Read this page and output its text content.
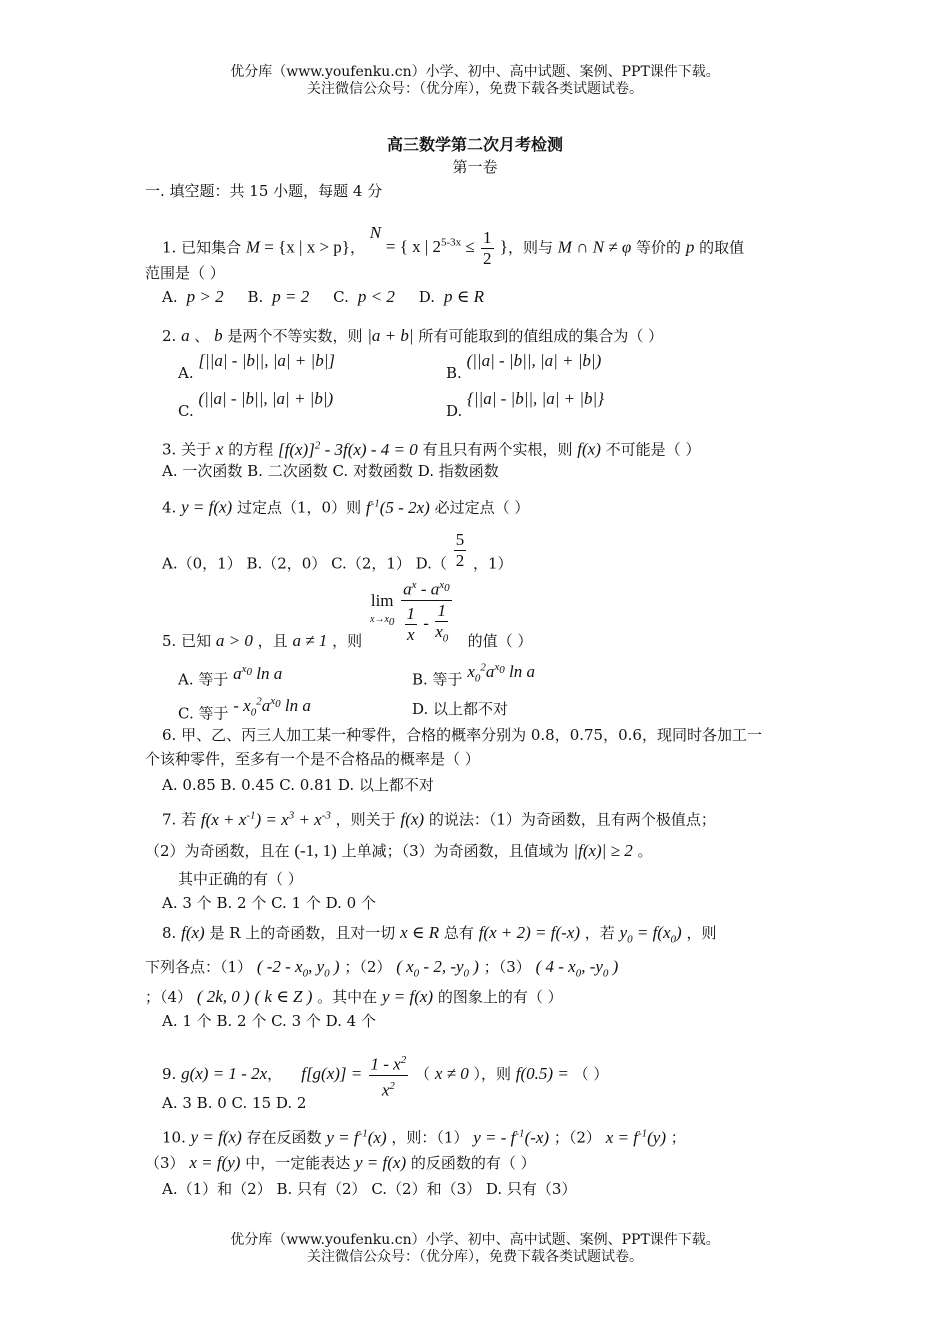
优分库（www.youfenku.cn）小学、初中、高中试题、案例、PPT课件下载。
关注微信公众号：（优分库），免费下载各类试题试卷。
高三数学第二次月考检测
第一卷
一. 填空题：共 15 小题，每题 4 分
1. 已知集合 M = {x | x > p}， N = { x | $2^{5-3x} \le \frac{1}{2}$ }，则与 M ∩ N ≠ φ 等价的 p 的取值
范围是（ ）
A.  p > 2 B.  p = 2 C.  p < 2 D.  p ∈ R
2. a 、 b 是两个不等实数，则 |a + b| 所有可能取到的值组成的集合为（ ）
A. [||a| - |b||, |a| + |b|]
B. (||a| - |b||, |a| + |b|)
C. (||a| - |b||, |a| + |b|)
D. {||a| - |b||, |a| + |b|}
3. 关于 x 的方程 $[f(x)]^2 - 3f(x) - 4 = 0$ 有且只有两个实根，则 f(x) 不可能是（ ）
A. 一次函数 B. 二次函数 C. 对数函数 D. 指数函数
4. y = f(x) 过定点（1，0）则 $f^{-1}(5 - 2x)$ 必过定点（ ）
A.（0，1） B.（2，0） C.（2，1） $D.( \frac{5}{2}$ ，1）
lim
$x\to x_0 \frac{a^x - a^{x_0}}{\frac{1}{x} - \frac{1}{x_0}}$
5. 已知 a > 0 ，且 a ≠ 1 ，则	的值（ ）
A. 等于 $a^{x_0}$ ln a	B. 等于 $x_0^2a^{x_0}$ ln a
C. 等于 - $x_0^2a^{x_0}$ ln a	D. 以上都不对
6. 甲、乙、丙三人加工某一种零件，合格的概率分别为 0.8，0.75，0.6，现同时各加工一
个该种零件，至多有一个是不合格品的概率是（ ）
A. 0.85 B. 0.45 C. 0.81 D. 以上都不对
7. 若 $f(x + x^{-1}) = x^3 + x^{-3}$ ，则关于 f(x) 的说法：（1）为奇函数，且有两个极值点；
（2）为奇函数，且在 (-1, 1) 上单减；（3）为奇函数，且值域为 |f(x)| ≥ 2 。
其中正确的有（ ）
A. 3 个 B. 2 个 C. 1 个 D. 0 个
8. f(x) 是 R 上的奇函数，且对一切 x ∈ R 总有 f(x + 2) = f(-x) ，若 $y_0 = f(x_0)$ ，则
下列各点：（1） ( $-2 - x_0$, $y_0$ ) ；（2） ( $x_0 - 2$, $-y_0$ ) ；（3） ( $4 - x_0$, $-y_0$ )
；（4） ( 2k, 0 ) ( k ∈ Z ) 。其中在 y = f(x) 的图象上的有（ ）
A. 1 个 B. 2 个 C. 3 个 D. 4 个
9. g(x) = 1 - 2x，    $f[g(x)] = \frac{1 - x^2}{x^2}$ （ x ≠ 0 ），则 f(0.5) = （ ）
A. 3 B. 0 C. 15 D. 2
10. y = f(x) 存在反函数 $y = f^{-1}(x)$ ，则：（1） y = - $f^{-1}(-x)$ ；（2） $x = f^{-1}(y)$ ；
（3） x = f(y) 中，一定能表达 y = f(x) 的反函数的有（ ）
A.（1）和（2） B. 只有（2） C.（2）和（3） D. 只有（3）
优分库（www.youfenku.cn）小学、初中、高中试题、案例、PPT课件下载。
关注微信公众号：（优分库），免费下载各类试题试卷。
